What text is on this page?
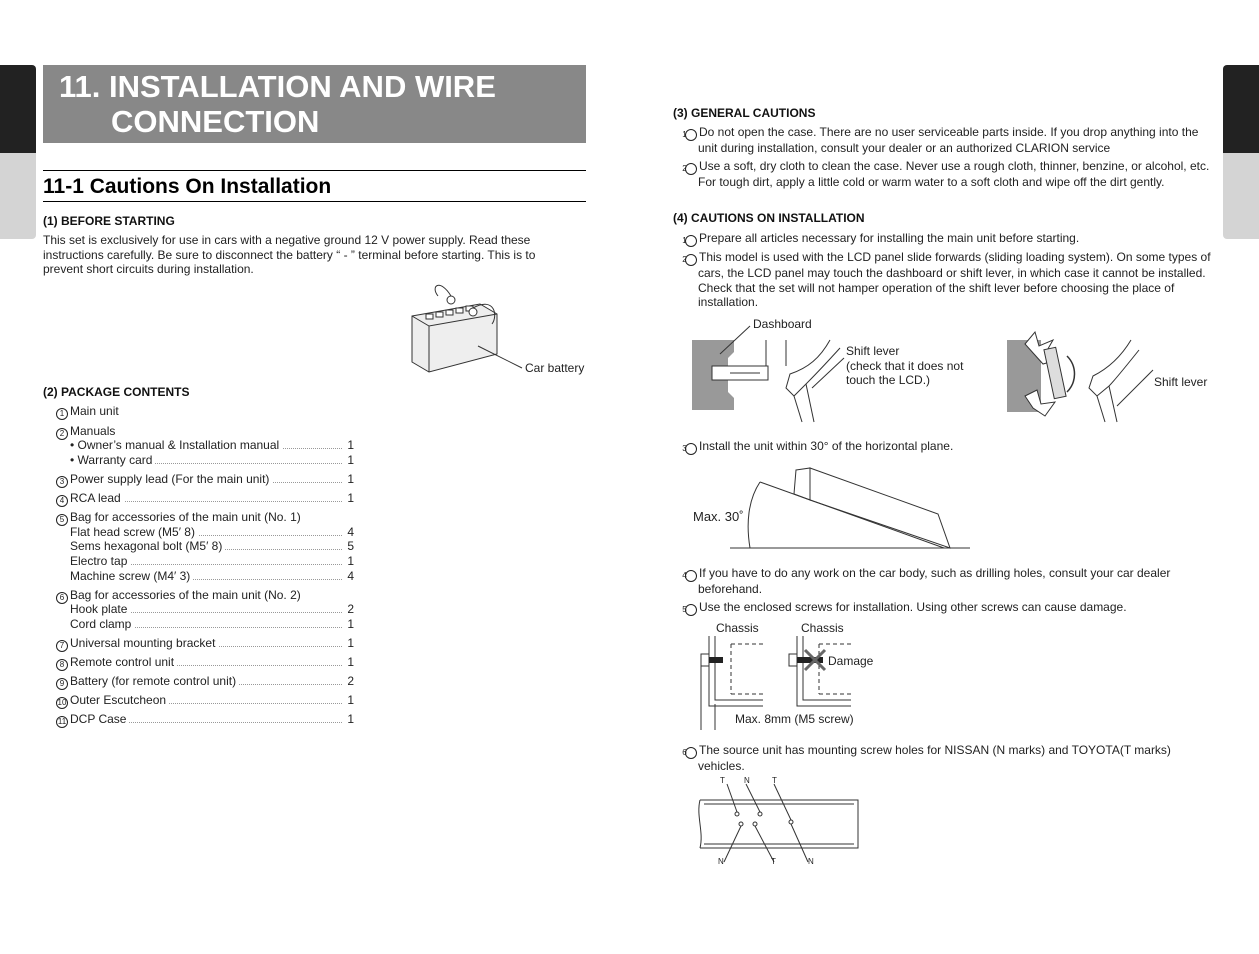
11. INSTALLATION AND WIRE
CONNECTION
11-1 Cautions On Installation
(1) BEFORE STARTING
This set is exclusively for use in cars with a negative ground 12 V power supply. Read these instructions carefully. Be sure to disconnect the battery “ - ” terminal before starting. This is to prevent short circuits during installation.
Car battery
(2) PACKAGE CONTENTS
1 Main unit
2 Manuals
• Owner’s manual & Installation manual	1
• Warranty card	1
3 Power supply lead (For the main unit)	1
4 RCA lead	1
5 Bag for accessories of the main unit (No. 1)
Flat head screw (M5′ 8)	4
Sems hexagonal bolt (M5′ 8)	5
Electro tap	1
Machine screw (M4′ 3)	4
6 Bag for accessories of the main unit (No. 2)
Hook plate	2
Cord clamp	1
7 Universal mounting bracket	1
8 Remote control unit	1
9 Battery (for remote control unit)	2
10 Outer Escutcheon	1
11 DCP Case	1
(3) GENERAL CAUTIONS
1 Do not open the case. There are no user serviceable parts inside. If you drop anything into the unit during installation, consult your dealer or an authorized CLARION service
2 Use a soft, dry cloth to clean the case. Never use a rough cloth, thinner, benzine, or alcohol, etc. For tough dirt, apply a little cold or warm water to a soft cloth and wipe off the dirt gently.
(4) CAUTIONS ON INSTALLATION
1 Prepare all articles necessary for installing the main unit before starting.
2 This model is used with the LCD panel slide forwards (sliding loading system). On some types of cars, the LCD panel may touch the dashboard or shift lever, in which case it cannot be installed. Check that the set will not hamper operation of the shift lever before choosing the place of installation.
Dashboard
Shift lever
(check that it does not
touch the LCD.)	Shift lever
3 Install the unit within 30° of the horizontal plane.
Max. 30˚
4 If you have to do any work on the car body, such as drilling holes, consult your car dealer beforehand.
5 Use the enclosed screws for installation. Using other screws can cause damage.
Chassis	Chassis
Damage
Max. 8mm (M5 screw)
6 The source unit has mounting screw holes for NISSAN (N marks) and TOYOTA(T marks) vehicles.
T N	T
N	T	N
